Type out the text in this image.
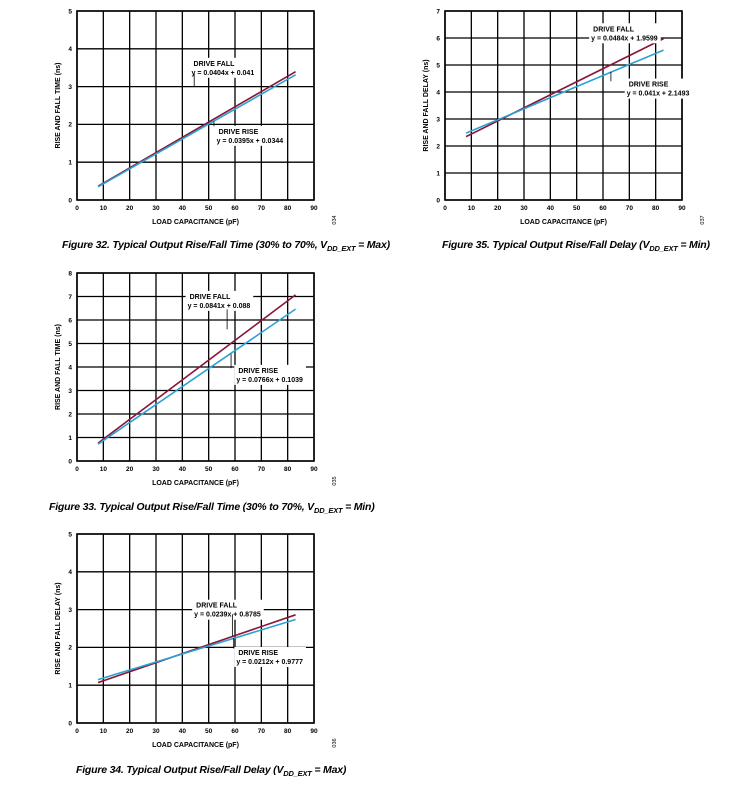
0	10	20	30	40	50	60	70	80	90
0
1
2
3
4
5
LOAD CAPACITANCE (pF)
RISE AND FALL TIME (ns)
034
DRIVE FALL
y = 0.0404x + 0.041
DRIVE RISE
y = 0.0395x + 0.0344
0	10	20	30	40	50	60	70	80	90
0
1
2
3
4
5
6
7
8
LOAD CAPACITANCE (pF)
RISE AND FALL TIME (ns)
035
DRIVE FALL
y = 0.0841x + 0.088
DRIVE RISE
y = 0.0766x + 0.1039
0	10	20	30	40	50	60	70	80	90
0
1
2
3
4
5
LOAD CAPACITANCE (pF)
RISE AND FALL DELAY (ns)
036
DRIVE FALL
y = 0.0239x + 0.8785
DRIVE RISE
y = 0.0212x + 0.9777
0	10	20	30	40	50	60	70	80	90
0
1
2
3
4
5
6
7
LOAD CAPACITANCE (pF)
RISE AND FALL DELAY (ns)
037
DRIVE FALL
y = 0.0484x + 1.9599
DRIVE RISE
y = 0.041x + 2.1493
Figure 32. Typical Output Rise/Fall Time (30% to 70%, $V_{DD\_EXT} = Max$)
Figure 33. Typical Output Rise/Fall Time (30% to 70%, $V_{DD\_EXT} = Min$)
Figure 34. Typical Output Rise/Fall Delay $(V_{DD\_EXT} = Max)$
Figure 35. Typical Output Rise/Fall Delay $(V_{DD\_EXT} = Min)$
